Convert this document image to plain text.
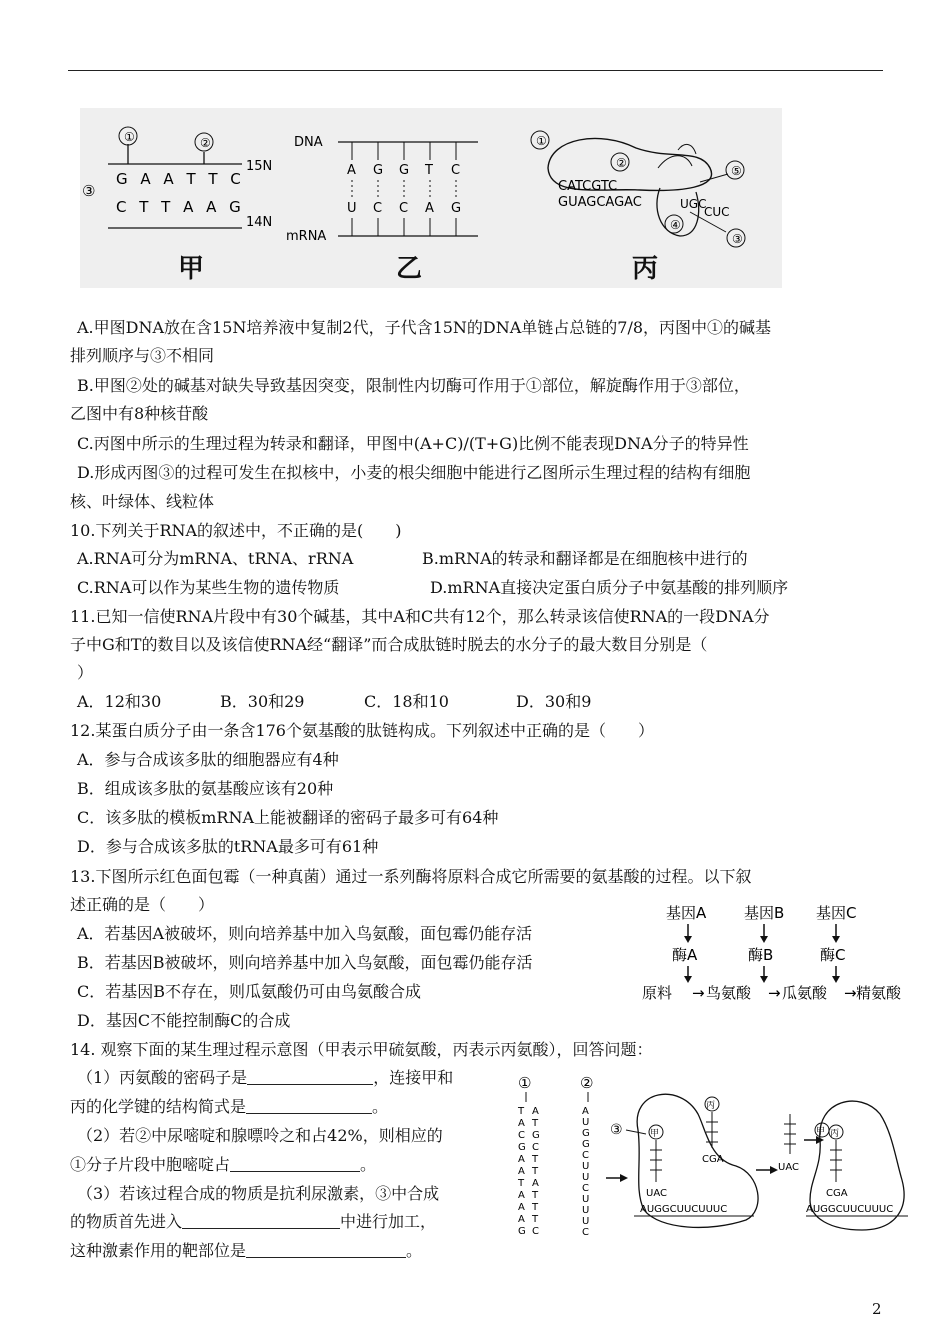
①	②
③
G A A T T C
C T T A A G
15N
14N
DNA
mRNA
A
U
G
C
G
C
T
A
C
G
①
②
CATCGTC
GUAGCAGAC	UGC
CUC
④
⑤
③
甲	乙	丙
A.甲图DNA放在含15N培养液中复制2代，子代含15N的DNA单链占总链的7/8，丙图中①的碱基
排列顺序与③不相同
B.甲图②处的碱基对缺失导致基因突变，限制性内切酶可作用于①部位，解旋酶作用于③部位，
乙图中有8种核苷酸
C.丙图中所示的生理过程为转录和翻译，甲图中(A+C)/(T+G)比例不能表现DNA分子的特异性
D.形成丙图③的过程可发生在拟核中，小麦的根尖细胞中能进行乙图所示生理过程的结构有细胞
核、叶绿体、线粒体
10.下列关于RNA的叙述中，不正确的是(　　)
A.RNA可分为mRNA、tRNA、rRNA	B.mRNA的转录和翻译都是在细胞核中进行的
C.RNA可以作为某些生物的遗传物质	D.mRNA直接决定蛋白质分子中氨基酸的排列顺序
11.已知一信使RNA片段中有30个碱基，其中A和C共有12个，那么转录该信使RNA的一段DNA分
子中G和T的数目以及该信使RNA经“翻译”而合成肽链时脱去的水分子的最大数目分别是（
）
A．12和30	B．30和29	C．18和10	D．30和9
12.某蛋白质分子由一条含176个氨基酸的肽链构成。下列叙述中正确的是（　　）
A．参与合成该多肽的细胞器应有4种
B．组成该多肽的氨基酸应该有20种
C．该多肽的模板mRNA上能被翻译的密码子最多可有64种
D．参与合成该多肽的tRNA最多可有61种
13.下图所示红色面包霉（一种真菌）通过一系列酶将原料合成它所需要的氨基酸的过程。以下叙
述正确的是（　　）
A．若基因A被破坏，则向培养基中加入鸟氨酸，面包霉仍能存活
B．若基因B被破坏，则向培养基中加入鸟氨酸，面包霉仍能存活
C．若基因B不存在，则瓜氨酸仍可由鸟氨酸合成
D．基因C不能控制酶C的合成
基因A	基因B 基因C
酶A	酶B	酶C
原料 → 鸟氨酸 → 瓜氨酸 → 精氨酸
14. 观察下面的某生理过程示意图（甲表示甲硫氨酸，丙表示丙氨酸），回答问题：
（1）丙氨酸的密码子是	，连接甲和
丙的化学键的结构简式是	。
（2）若②中尿嘧啶和腺嘌呤之和占42%，则相应的
①分子片段中胞嘧啶占	。
（3）若该过程合成的物质是抗利尿激素，③中合成
的物质首先进入	中进行加工，
这种激素作用的靶部位是	。
①	②
T A
A T
C G
G C
A T
A T
T A
A T
A T
A T
G C
A
U
G
G
C
U
U
C
U
U
U
C
③	甲
UAC
丙
CGA
AUGGCUUCUUUC
UAC
甲 丙
CGA
AUGGCUUCUUUC
2
